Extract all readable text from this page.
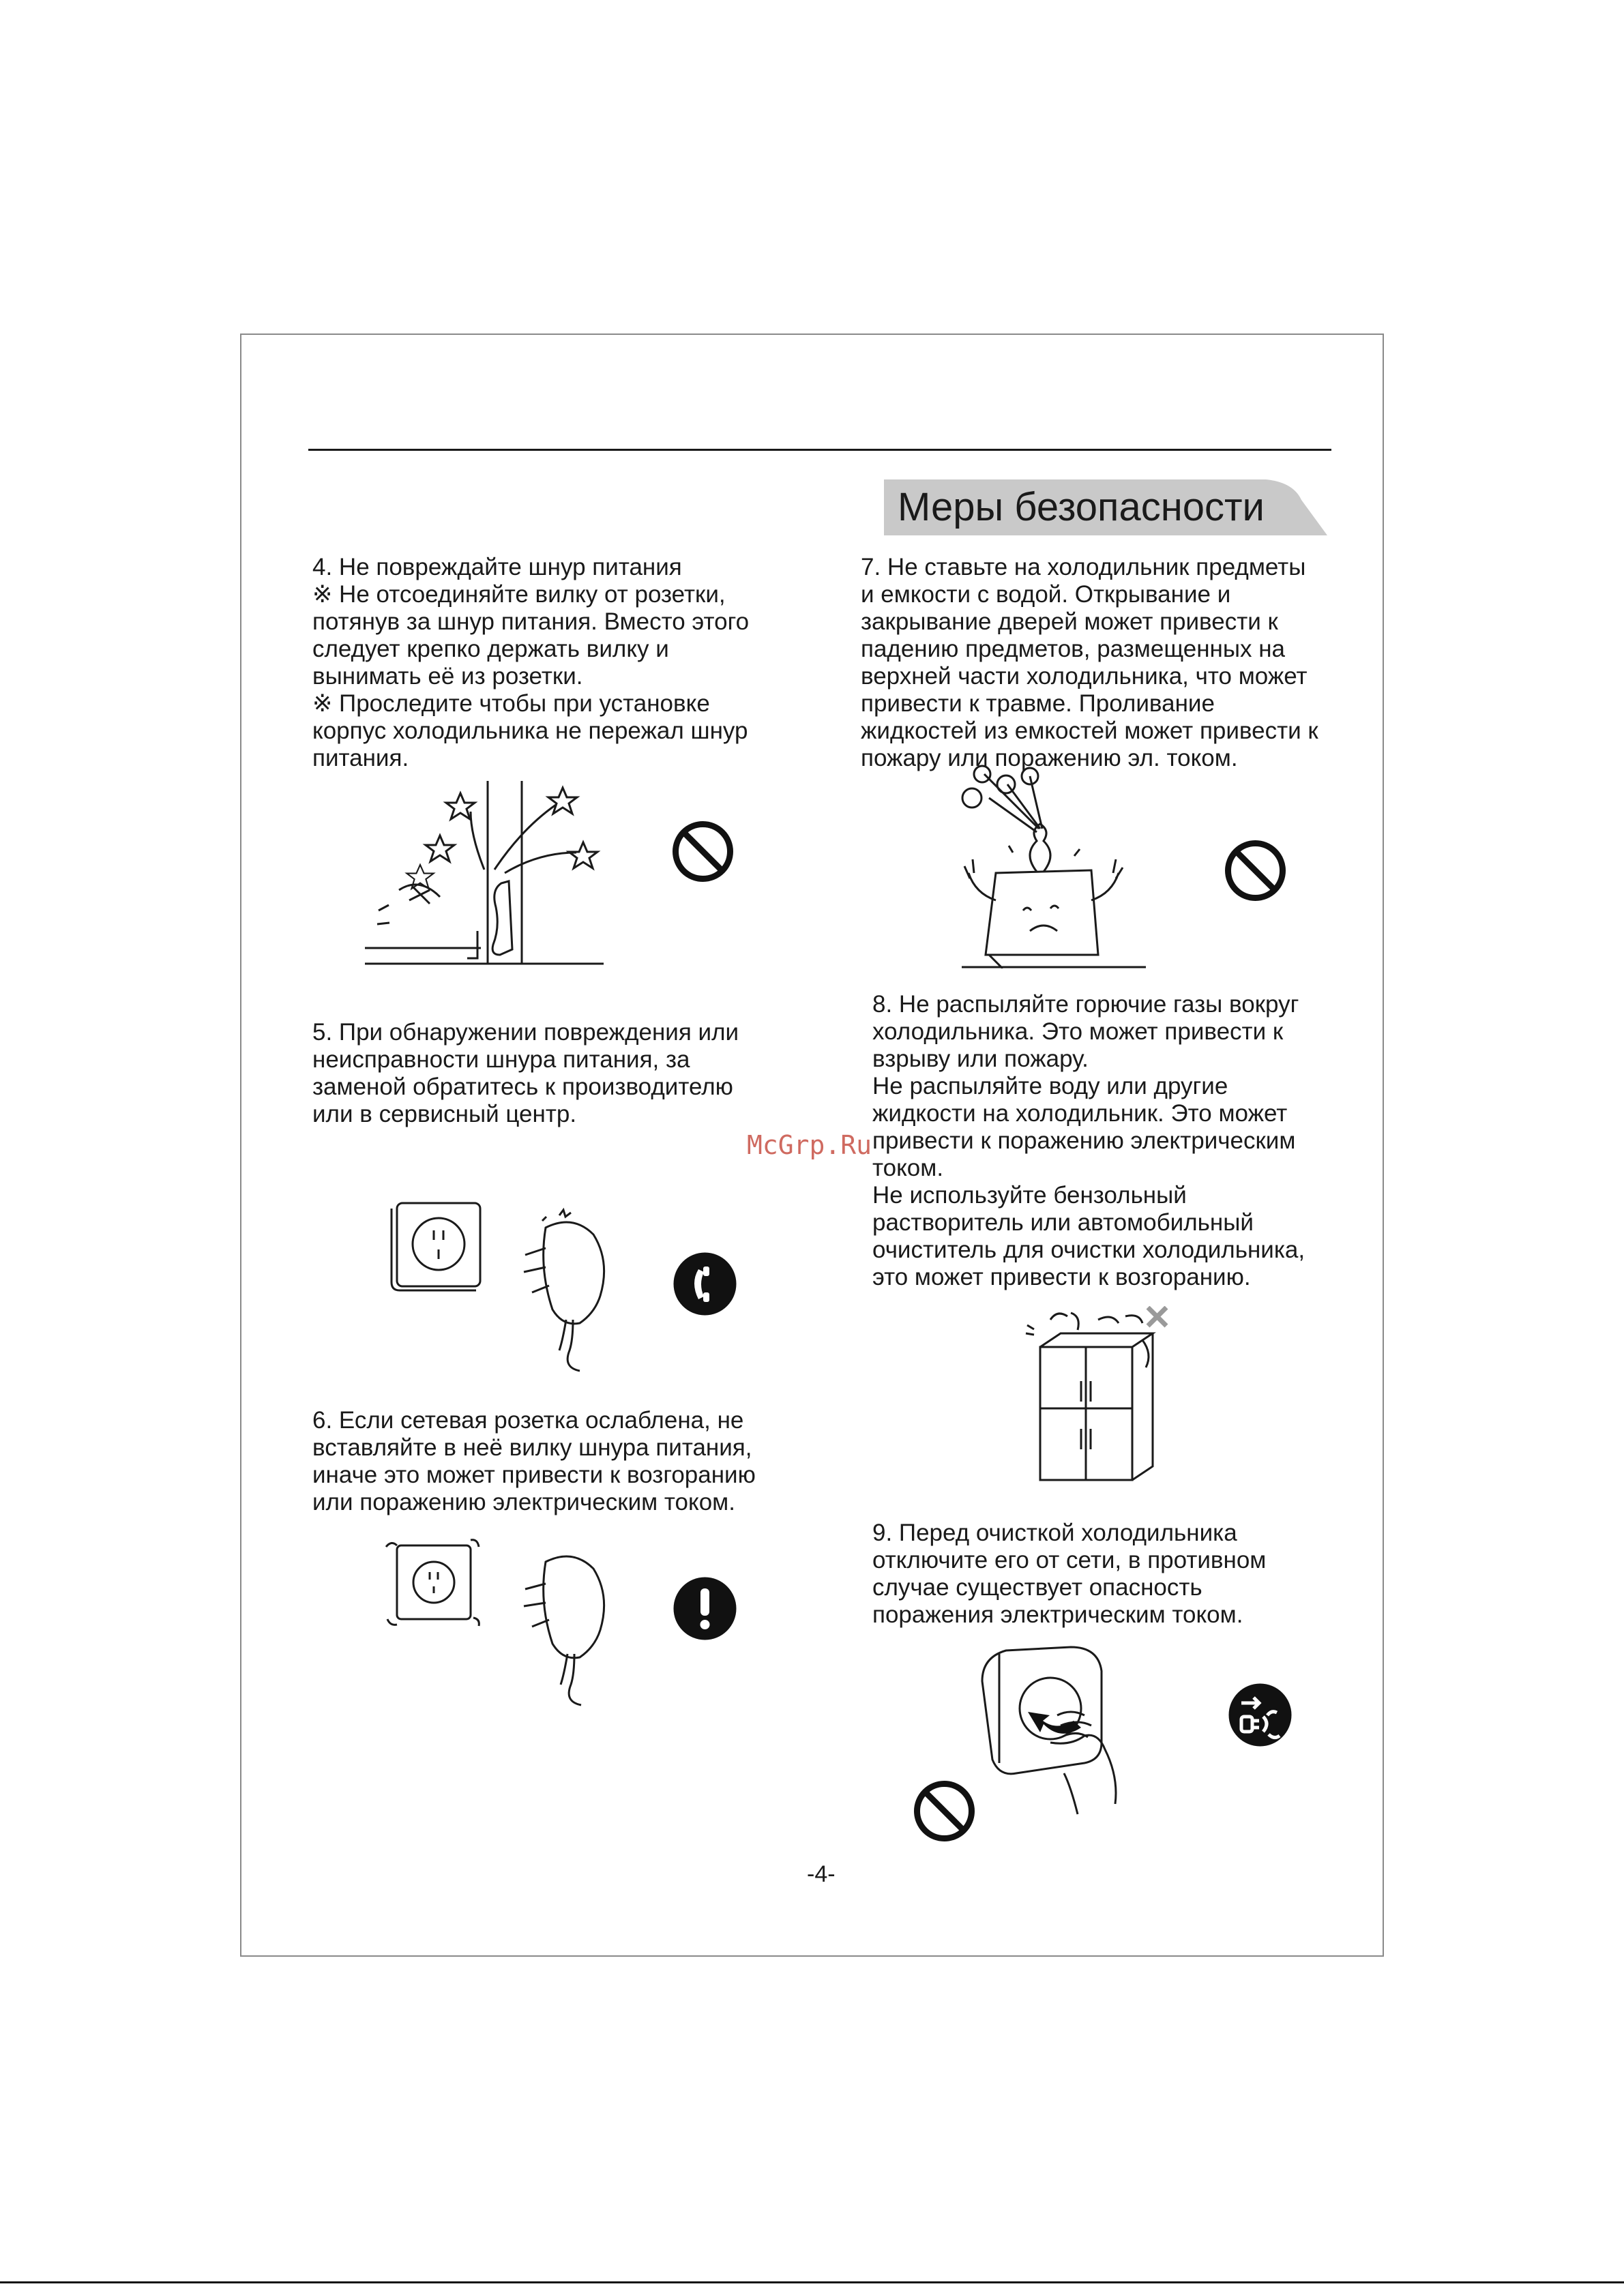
Меры безопасности

4. Не повреждайте шнур питания

※ Не отсоединяйте вилку от розетки,

потянув за шнур питания. Вместо этого

следует крепко держать вилку и

вынимать её из розетки.

※ Проследите чтобы при установке

корпус холодильника не пережал шнур

питания.

5. При обнаружении повреждения или

неисправности шнура питания, за

заменой обратитесь к производителю

или в сервисный центр.

6. Если сетевая розетка ослаблена, не

вставляйте в неё вилку шнура питания,

иначе это может привести к возгоранию

или поражению электрическим током.

7. Не ставьте на холодильник предметы

и емкости с водой. Открывание и

закрывание дверей может привести к

падению предметов, размещенных на

верхней части холодильника, что может

привести к травме. Проливание

жидкостей из емкостей может привести к

пожару или поражению эл. током.

8. Не распыляйте горючие газы вокруг

холодильника. Это может привести к

взрыву или пожару.

Не распыляйте воду или другие

жидкости на холодильник. Это может

привести к поражению электрическим

током.

Не используйте бензольный

растворитель или автомобильный

очиститель для очистки холодильника,

это может привести к возгоранию.

9. Перед очисткой холодильника

отключите его от сети, в противном

случае существует опасность

поражения электрическим током.

McGrp.Ru
-4-
